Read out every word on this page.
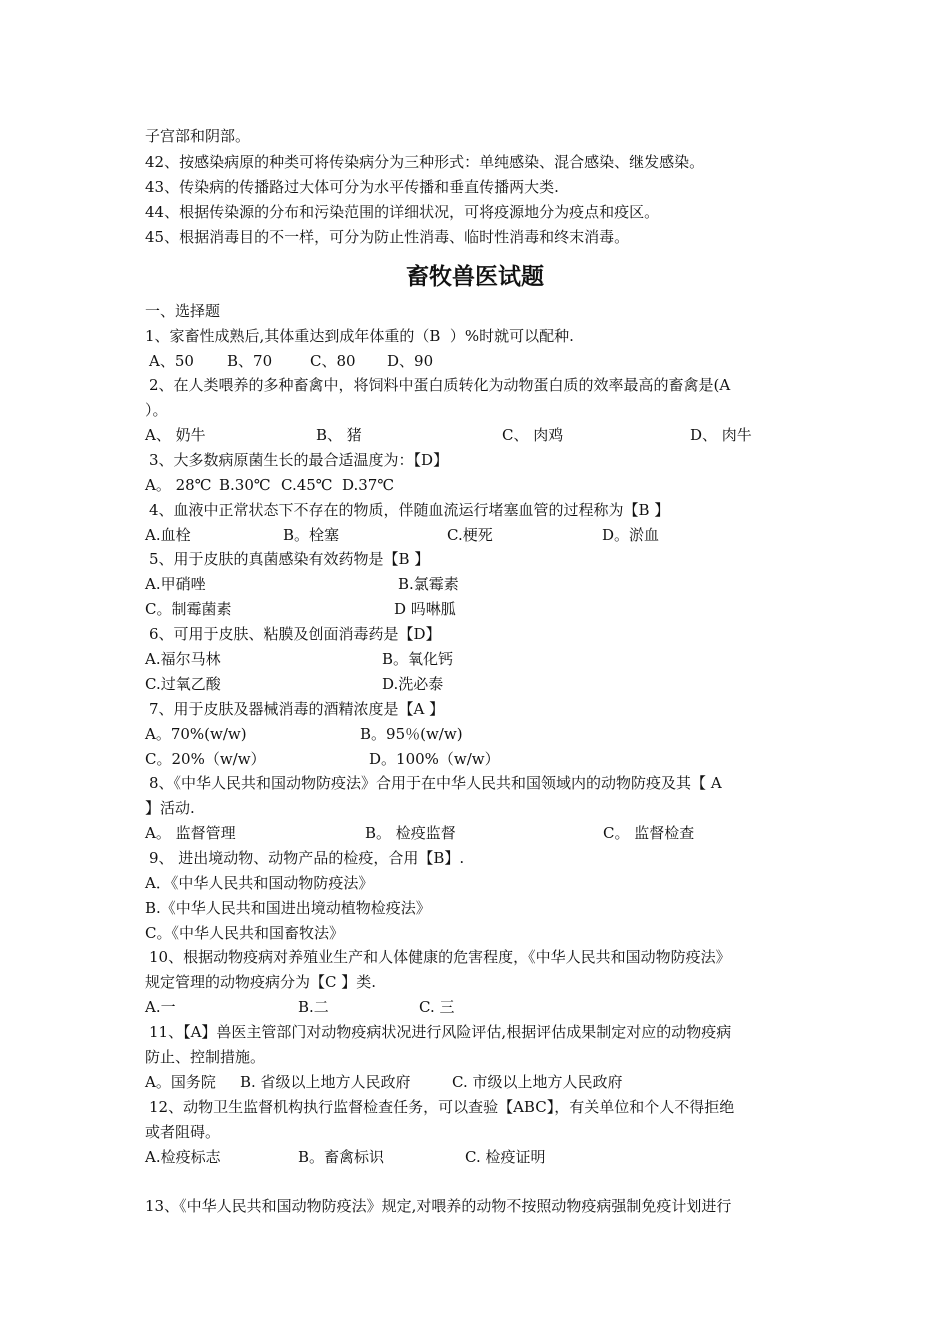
子宫部和阴部。
42、按感染病原的种类可将传染病分为三种形式：单纯感染、混合感染、继发感染。
43、传染病的传播路过大体可分为水平传播和垂直传播两大类.
44、根据传染源的分布和污染范围的详细状况，可将疫源地分为疫点和疫区。
45、根据消毒目的不一样，可分为防止性消毒、临时性消毒和终末消毒。
畜牧兽医试题
一、选择题
1、家畜性成熟后,其体重达到成年体重的（B  ）%时就可以配种.
A、50 B、70	C、80 D、90
2、在人类喂养的多种畜禽中，将饲料中蛋白质转化为动物蛋白质的效率最高的畜禽是(A
）。
A、 奶牛	B、 猪	C、 肉鸡	D、 肉牛
3、大多数病原菌生长的最合适温度为：【D】
A。 28℃ B.30℃ C.45℃ D.37℃
4、血液中正常状态下不存在的物质，伴随血流运行堵塞血管的过程称为【B 】
A.血栓	B。栓塞	C.梗死	D。淤血
5、用于皮肤的真菌感染有效药物是【B 】
A.甲硝唑	B.氯霉素
C。制霉菌素	D 吗啉胍
6、可用于皮肤、粘膜及创面消毒药是【D】
A.福尔马林	B。氧化钙
C.过氧乙酸	D.洗必泰
7、用于皮肤及器械消毒的酒精浓度是【A 】
A。70%(w/w)	B。95％(w/w)
C。20%（w/w）	D。100%（w/w）
8、《中华人民共和国动物防疫法》合用于在中华人民共和国领域内的动物防疫及其【 A
】活动.
A。 监督管理	B。 检疫监督	C。 监督检查
9、 进出境动物、动物产品的检疫，合用【B】.
A．《中华人民共和国动物防疫法》
B.《中华人民共和国进出境动植物检疫法》
C。《中华人民共和国畜牧法》
10、根据动物疫病对养殖业生产和人体健康的危害程度，《中华人民共和国动物防疫法》
规定管理的动物疫病分为【C 】类.
A.一	B.二	C. 三
11、【A】兽医主管部门对动物疫病状况进行风险评估,根据评估成果制定对应的动物疫病
防止、控制措施。
A。国务院 B. 省级以上地方人民政府	C. 市级以上地方人民政府
12、动物卫生监督机构执行监督检查任务，可以查验【ABC】，有关单位和个人不得拒绝
或者阻碍。
A.检疫标志	B。畜禽标识	C. 检疫证明
13、《中华人民共和国动物防疫法》规定,对喂养的动物不按照动物疫病强制免疫计划进行
